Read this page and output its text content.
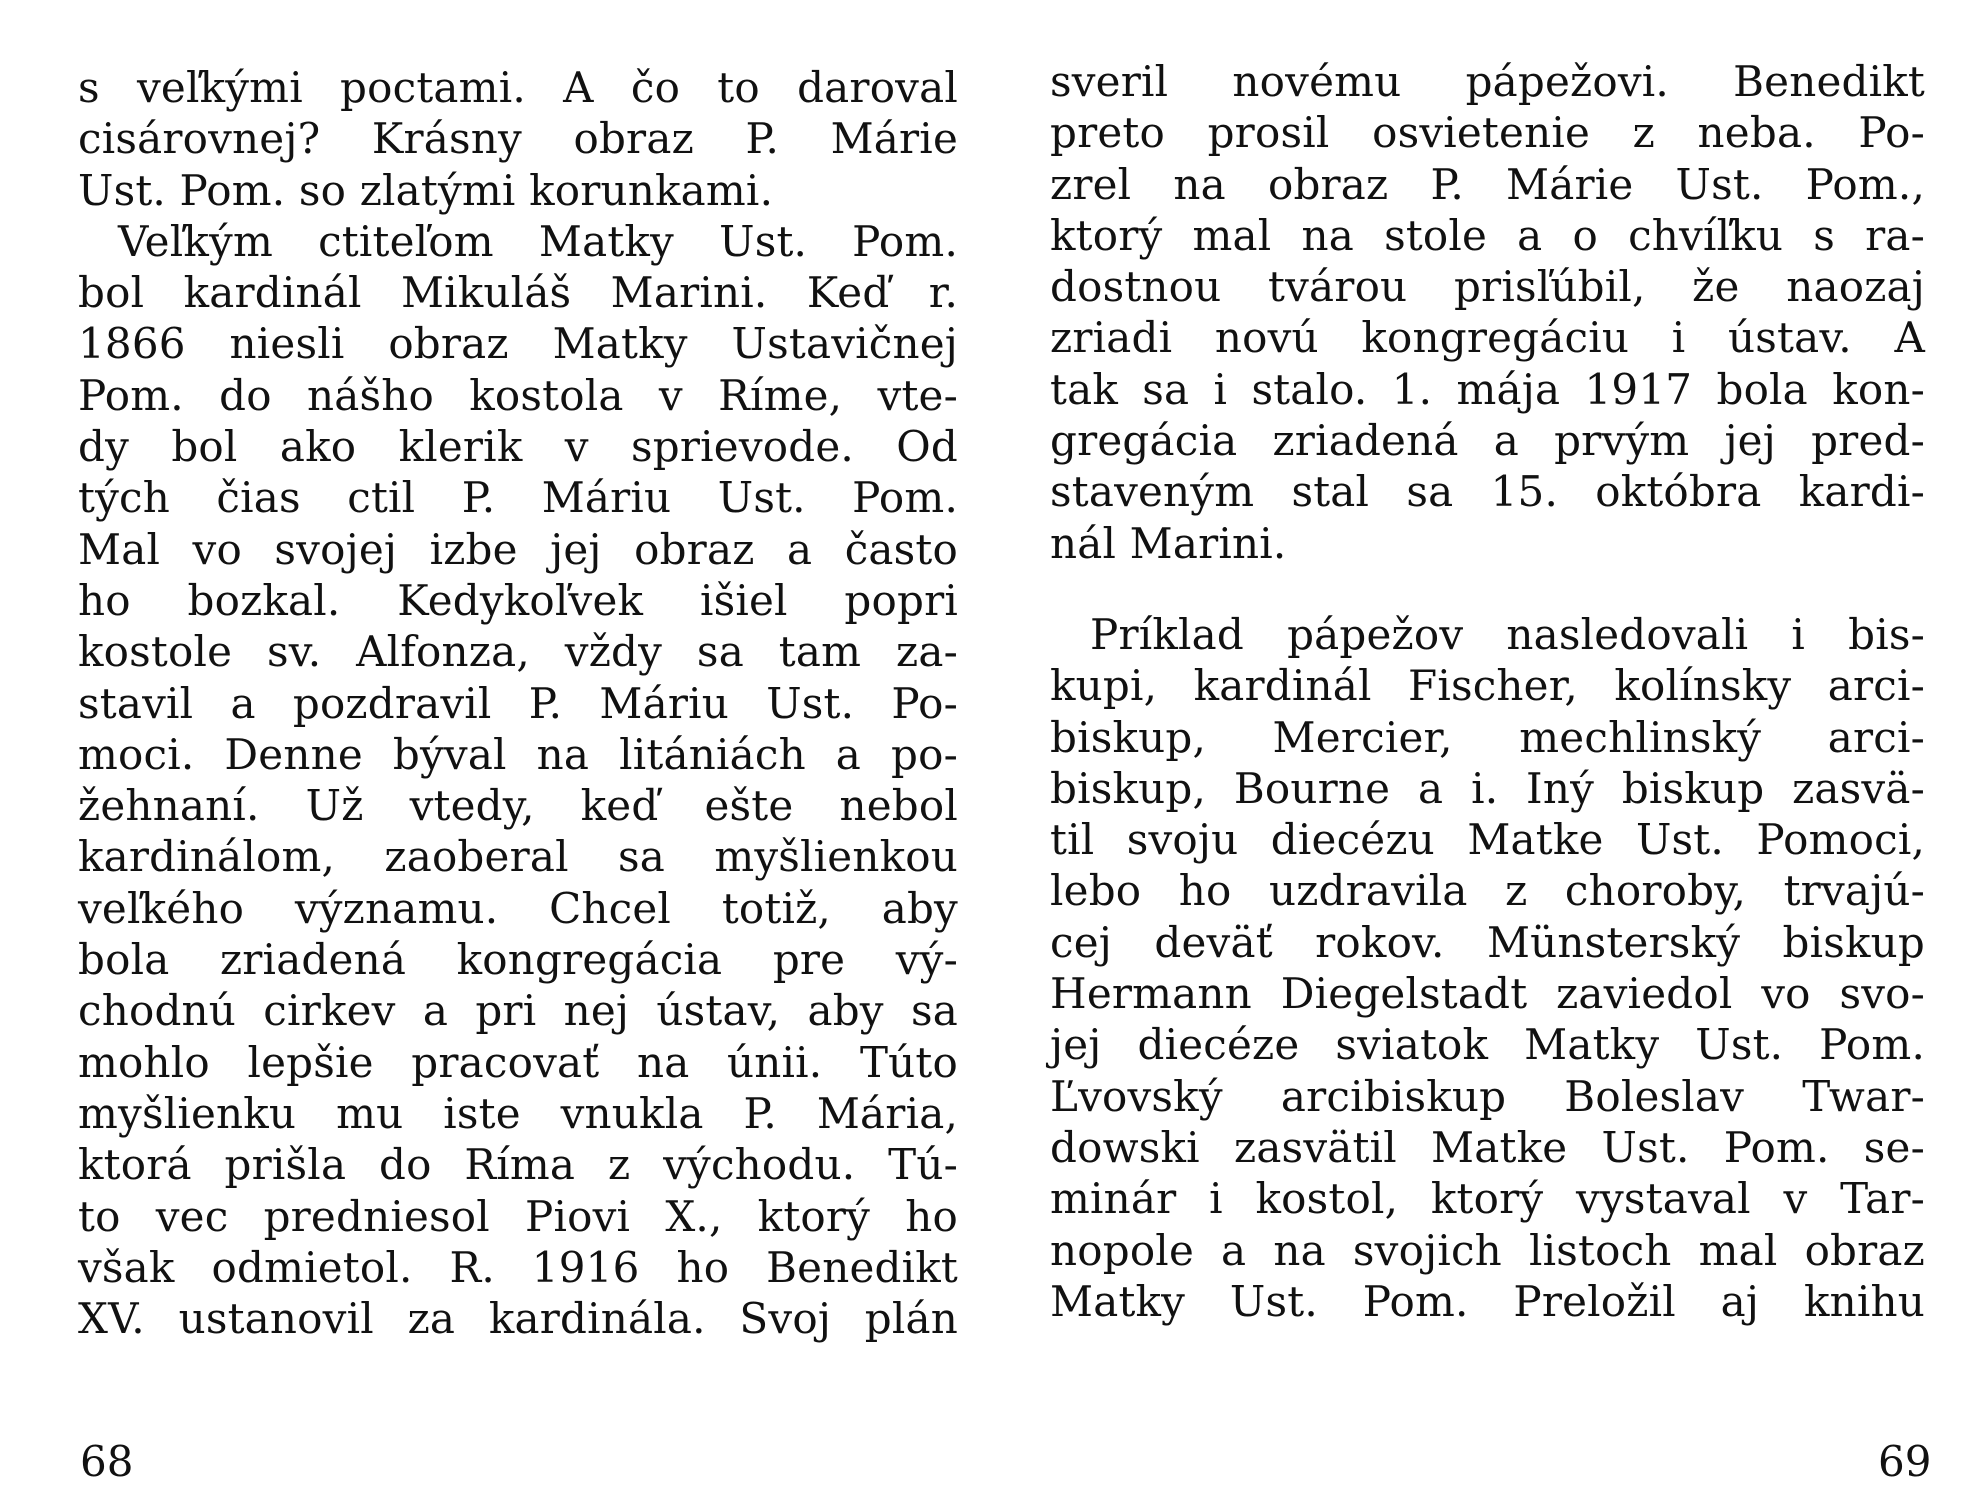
s veľkými poctami. A čo to daroval
cisárovnej? Krásny obraz P. Márie
Ust. Pom. so zlatými korunkami.
Veľkým ctiteľom Matky Ust. Pom.
bol kardinál Mikuláš Marini. Keď r.
1866 niesli obraz Matky Ustavičnej
Pom. do nášho kostola v Ríme, vte-
dy bol ako klerik v sprievode. Od
tých čias ctil P. Máriu Ust. Pom.
Mal vo svojej izbe jej obraz a často
ho bozkal. Kedykoľvek išiel popri
kostole sv. Alfonza, vždy sa tam za-
stavil a pozdravil P. Máriu Ust. Po-
moci. Denne býval na litániách a po-
žehnaní. Už vtedy, keď ešte nebol
kardinálom, zaoberal sa myšlienkou
veľkého významu. Chcel totiž, aby
bola zriadená kongregácia pre vý-
chodnú cirkev a pri nej ústav, aby sa
mohlo lepšie pracovať na únii. Túto
myšlienku mu iste vnukla P. Mária,
ktorá prišla do Ríma z východu. Tú-
to vec predniesol Piovi X., ktorý ho
však odmietol. R. 1916 ho Benedikt
XV. ustanovil za kardinála. Svoj plán
68
sveril novému pápežovi. Benedikt
preto prosil osvietenie z neba. Po-
zrel na obraz P. Márie Ust. Pom.,
ktorý mal na stole a o chvíľku s ra-
dostnou tvárou prisľúbil, že naozaj
zriadi novú kongregáciu i ústav. A
tak sa i stalo. 1. mája 1917 bola kon-
gregácia zriadená a prvým jej pred-
staveným stal sa 15. októbra kardi-
nál Marini.
Príklad pápežov nasledovali i bis-
kupi, kardinál Fischer, kolínsky arci-
biskup, Mercier, mechlinský arci-
biskup, Bourne a i. Iný biskup zasvä-
til svoju diecézu Matke Ust. Pomoci,
lebo ho uzdravila z choroby, trvajú-
cej deväť rokov. Münsterský biskup
Hermann Diegelstadt zaviedol vo svo-
jej diecéze sviatok Matky Ust. Pom.
Ľvovský arcibiskup Boleslav Twar-
dowski zasvätil Matke Ust. Pom. se-
minár i kostol, ktorý vystaval v Tar-
nopole a na svojich listoch mal obraz
Matky Ust. Pom. Preložil aj knihu
69
